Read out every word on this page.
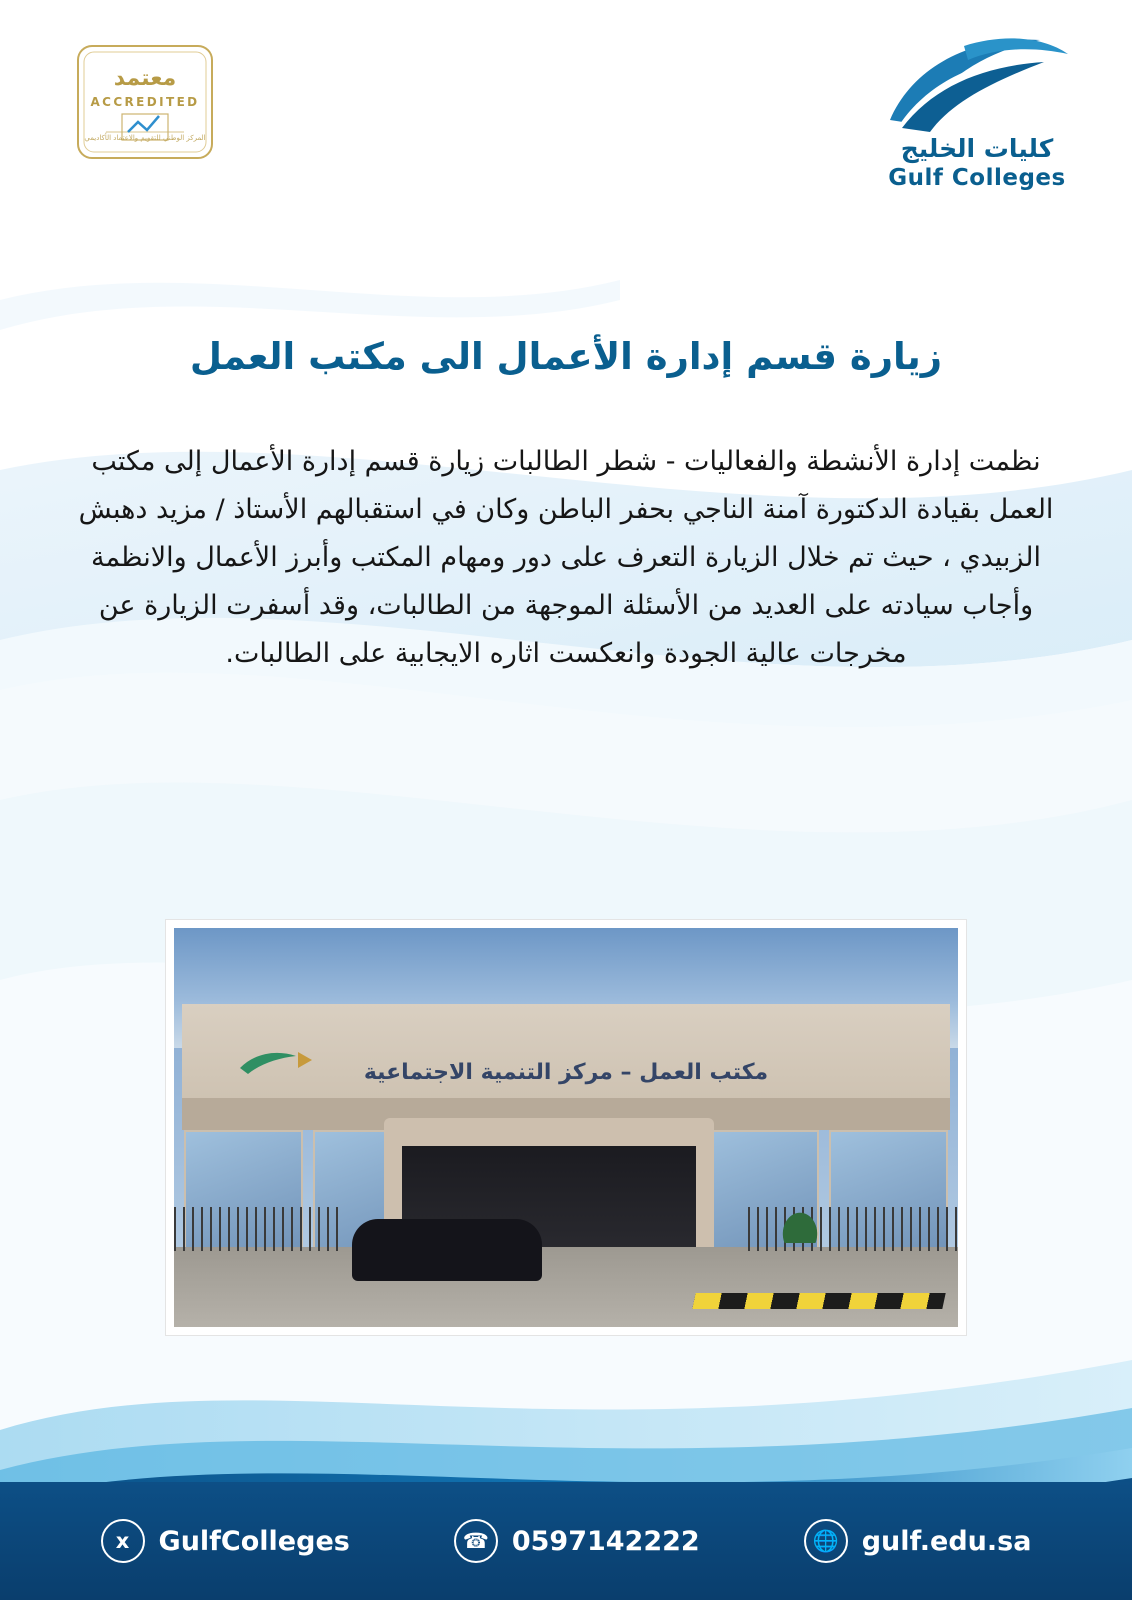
كليات الخليج
Gulf Colleges
معتمد
ACCREDITED
المركز الوطني للتقويم والاعتماد الأكاديمي
زيارة قسم إدارة الأعمال الى مكتب العمل
نظمت إدارة الأنشطة والفعاليات - شطر الطالبات زيارة قسم إدارة الأعمال إلى مكتب العمل بقيادة الدكتورة آمنة الناجي بحفر الباطن وكان في استقبالهم الأستاذ / مزيد دهبش الزبيدي ، حيث تم خلال الزيارة التعرف على دور ومهام المكتب وأبرز الأعمال والانظمة وأجاب سيادته على العديد من الأسئلة الموجهة من الطالبات، وقد أسفرت الزيارة عن مخرجات عالية الجودة وانعكست اثاره الايجابية على الطالبات.
مكتب العمل – مركز التنمية الاجتماعية
x	GulfColleges	☎ 0597142222	🌐 gulf.edu.sa
